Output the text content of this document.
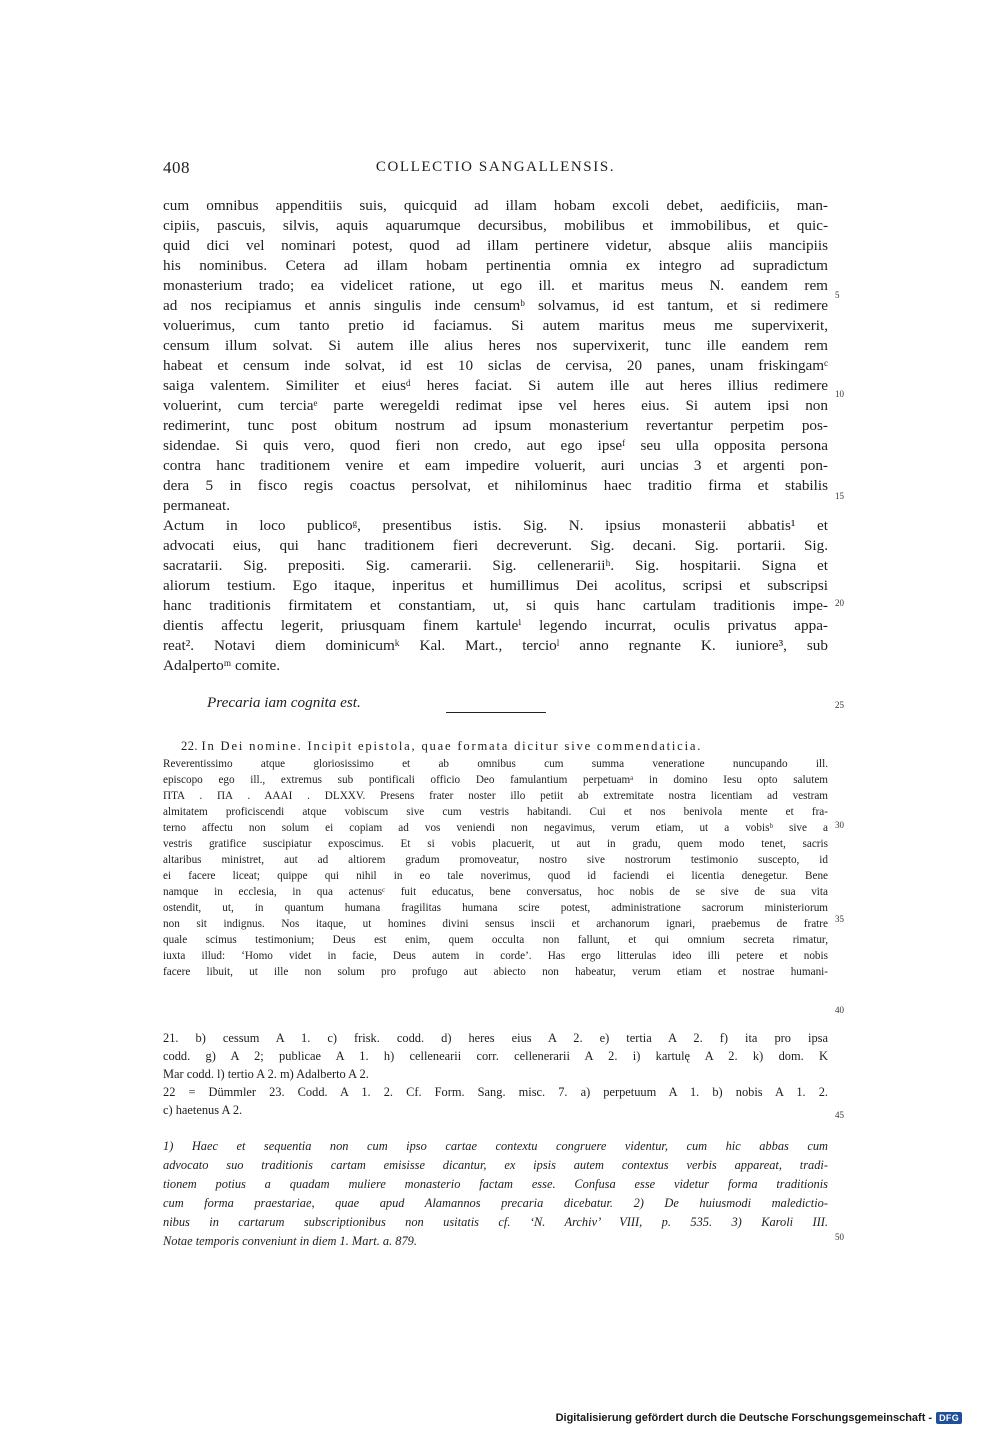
408	COLLECTIO SANGALLENSIS.
cum omnibus appenditiis suis, quicquid ad illam hobam excoli debet, aedificiis, man-
cipiis, pascuis, silvis, aquis aquarumque decursibus, mobilibus et immobilibus, et quic-
quid dici vel nominari potest, quod ad illam pertinere videtur, absque aliis mancipiis
his nominibus. Cetera ad illam hobam pertinentia omnia ex integro ad supradictum
monasterium trado; ea videlicet ratione, ut ego ill. et maritus meus N. eandem rem
ad nos recipiamus et annis singulis inde censumᵇ solvamus, id est tantum, et si redimere
voluerimus, cum tanto pretio id faciamus. Si autem maritus meus me supervixerit,
censum illum solvat. Si autem ille alius heres nos supervixerit, tunc ille eandem rem
habeat et censum inde solvat, id est 10 siclas de cervisa, 20 panes, unam friskingamᶜ
saiga valentem. Similiter et eiusᵈ heres faciat. Si autem ille aut heres illius redimere
voluerint, cum terciaᵉ parte weregeldi redimat ipse vel heres eius. Si autem ipsi non
redimerint, tunc post obitum nostrum ad ipsum monasterium revertantur perpetim pos-
sidendae. Si quis vero, quod fieri non credo, aut ego ipseᶠ seu ulla opposita persona
contra hanc traditionem venire et eam impedire voluerit, auri uncias 3 et argenti pon-
dera 5 in fisco regis coactus persolvat, et nihilominus haec traditio firma et stabilis
permaneat.
Actum in loco publicoᵍ, presentibus istis. Sig. N. ipsius monasterii abbatis¹ et
advocati eius, qui hanc traditionem fieri decreverunt. Sig. decani. Sig. portarii. Sig.
sacratarii. Sig. prepositi. Sig. camerarii. Sig. cellenerariiʰ. Sig. hospitarii. Signa et
aliorum testium. Ego itaque, inperitus et humillimus Dei acolitus, scripsi et subscripsi
hanc traditionis firmitatem et constantiam, ut, si quis hanc cartulam traditionis impe-
dientis affectu legerit, priusquam finem kartuleⁱ legendo incurrat, oculis privatus appa-
reat². Notavi diem dominicumᵏ Kal. Mart., tercioˡ anno regnante K. iuniore³, sub
Adalpertoᵐ comite.
Precaria iam cognita est.
22. In Dei nomine. Incipit epistola, quae formata dicitur sive commendaticia.
Reverentissimo atque gloriosissimo et ab omnibus cum summa veneratione nuncupando ill.
episcopo ego ill., extremus sub pontificali officio Deo famulantium perpetuamᵃ in domino Iesu opto salutem
ΠTA . ΠA . AAAI . DLXXV. Presens frater noster illo petiit ab extremitate nostra licentiam ad vestram
almitatem proficiscendi atque vobiscum sive cum vestris habitandi. Cui et nos benivola mente et fra-
terno affectu non solum ei copiam ad vos veniendi non negavimus, verum etiam, ut a vobisᵇ sive a
vestris gratifice suscipiatur exposcimus. Et si vobis placuerit, ut aut in gradu, quem modo tenet, sacris
altaribus ministret, aut ad altiorem gradum promoveatur, nostro sive nostrorum testimonio suscepto, id
ei facere liceat; quippe qui nihil in eo tale noverimus, quod id faciendi ei licentia denegetur. Bene
namque in ecclesia, in qua actenusᶜ fuit educatus, bene conversatus, hoc nobis de se sive de sua vita
ostendit, ut, in quantum humana fragilitas humana scire potest, administratione sacrorum ministeriorum
non sit indignus. Nos itaque, ut homines divini sensus inscii et archanorum ignari, praebemus de fratre
quale scimus testimonium; Deus est enim, quem occulta non fallunt, et qui omnium secreta rimatur,
iuxta illud: ‘Homo videt in facie, Deus autem in corde’. Has ergo litterulas ideo illi petere et nobis
facere libuit, ut ille non solum pro profugo aut abiecto non habeatur, verum etiam et nostrae humani-
21. b) cessum A 1. c) frisk. codd. d) heres eius A 2. e) tertia A 2. f) ita pro ipsa
codd. g) A 2; publicae A 1. h) cellenearii corr. cellenerarii A 2. i) kartulę A 2. k) dom. K
Mar codd. l) tertio A 2. m) Adalberto A 2.
22 = Dümmler 23. Codd. A 1. 2. Cf. Form. Sang. misc. 7. a) perpetuum A 1. b) nobis A 1. 2.
c) haetenus A 2.
1) Haec et sequentia non cum ipso cartae contextu congruere videntur, cum hic abbas cum
advocato suo traditionis cartam emisisse dicantur, ex ipsis autem contextus verbis appareat, tradi-
tionem potius a quadam muliere monasterio factam esse. Confusa esse videtur forma traditionis
cum forma praestariae, quae apud Alamannos precaria dicebatur. 2) De huiusmodi maledictio-
nibus in cartarum subscriptionibus non usitatis cf. ‘N. Archiv’ VIII, p. 535. 3) Karoli III.
Notae temporis conveniunt in diem 1. Mart. a. 879.
5
10
15
20
25
30
35
40
45
50
Digitalisierung gefördert durch die Deutsche Forschungsgemeinschaft - DFG
